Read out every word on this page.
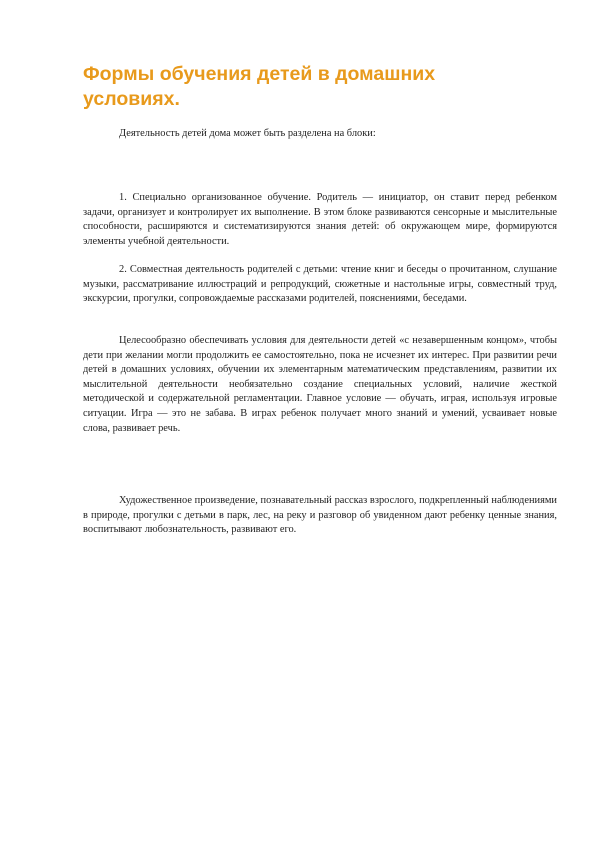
Формы обучения детей в домашних условиях.

Деятельность детей дома может быть разделена на блоки:

1. Специально организованное обучение. Родитель — инициатор, он ставит перед ребенком задачи, организует и контролирует их выполнение. В этом блоке развиваются сенсорные и мыслительные способности, расширяются и систематизируются знания детей: об окружающем мире, формируются элементы учебной деятельности.

2. Совместная деятельность родителей с детьми: чтение книг и беседы о прочитанном, слушание музыки, рассматривание иллюстраций и репродукций, сюжетные и настольные игры, совместный труд, экскурсии, прогулки, сопровождаемые рассказами родителей, пояснениями, беседами.

Целесообразно обеспечивать условия для деятельности детей «с незавершенным концом», чтобы дети при желании могли продолжить ее самостоятельно, пока не исчезнет их интерес. При развитии речи детей в домашних условиях, обучении их элементарным математическим представлениям, развитии их мыслительной деятельности необязательно создание специальных условий, наличие жесткой методической и содержательной регламентации. Главное условие — обучать, играя, используя игровые ситуации. Игра — это не забава. В играх ребенок получает много знаний и умений, усваивает новые слова, развивает речь.

Художественное произведение, познавательный рассказ взрослого, подкрепленный наблюдениями в природе, прогулки с детьми в парк, лес, на реку и разговор об увиденном дают ребенку ценные знания, воспитывают любознательность, развивают его.
